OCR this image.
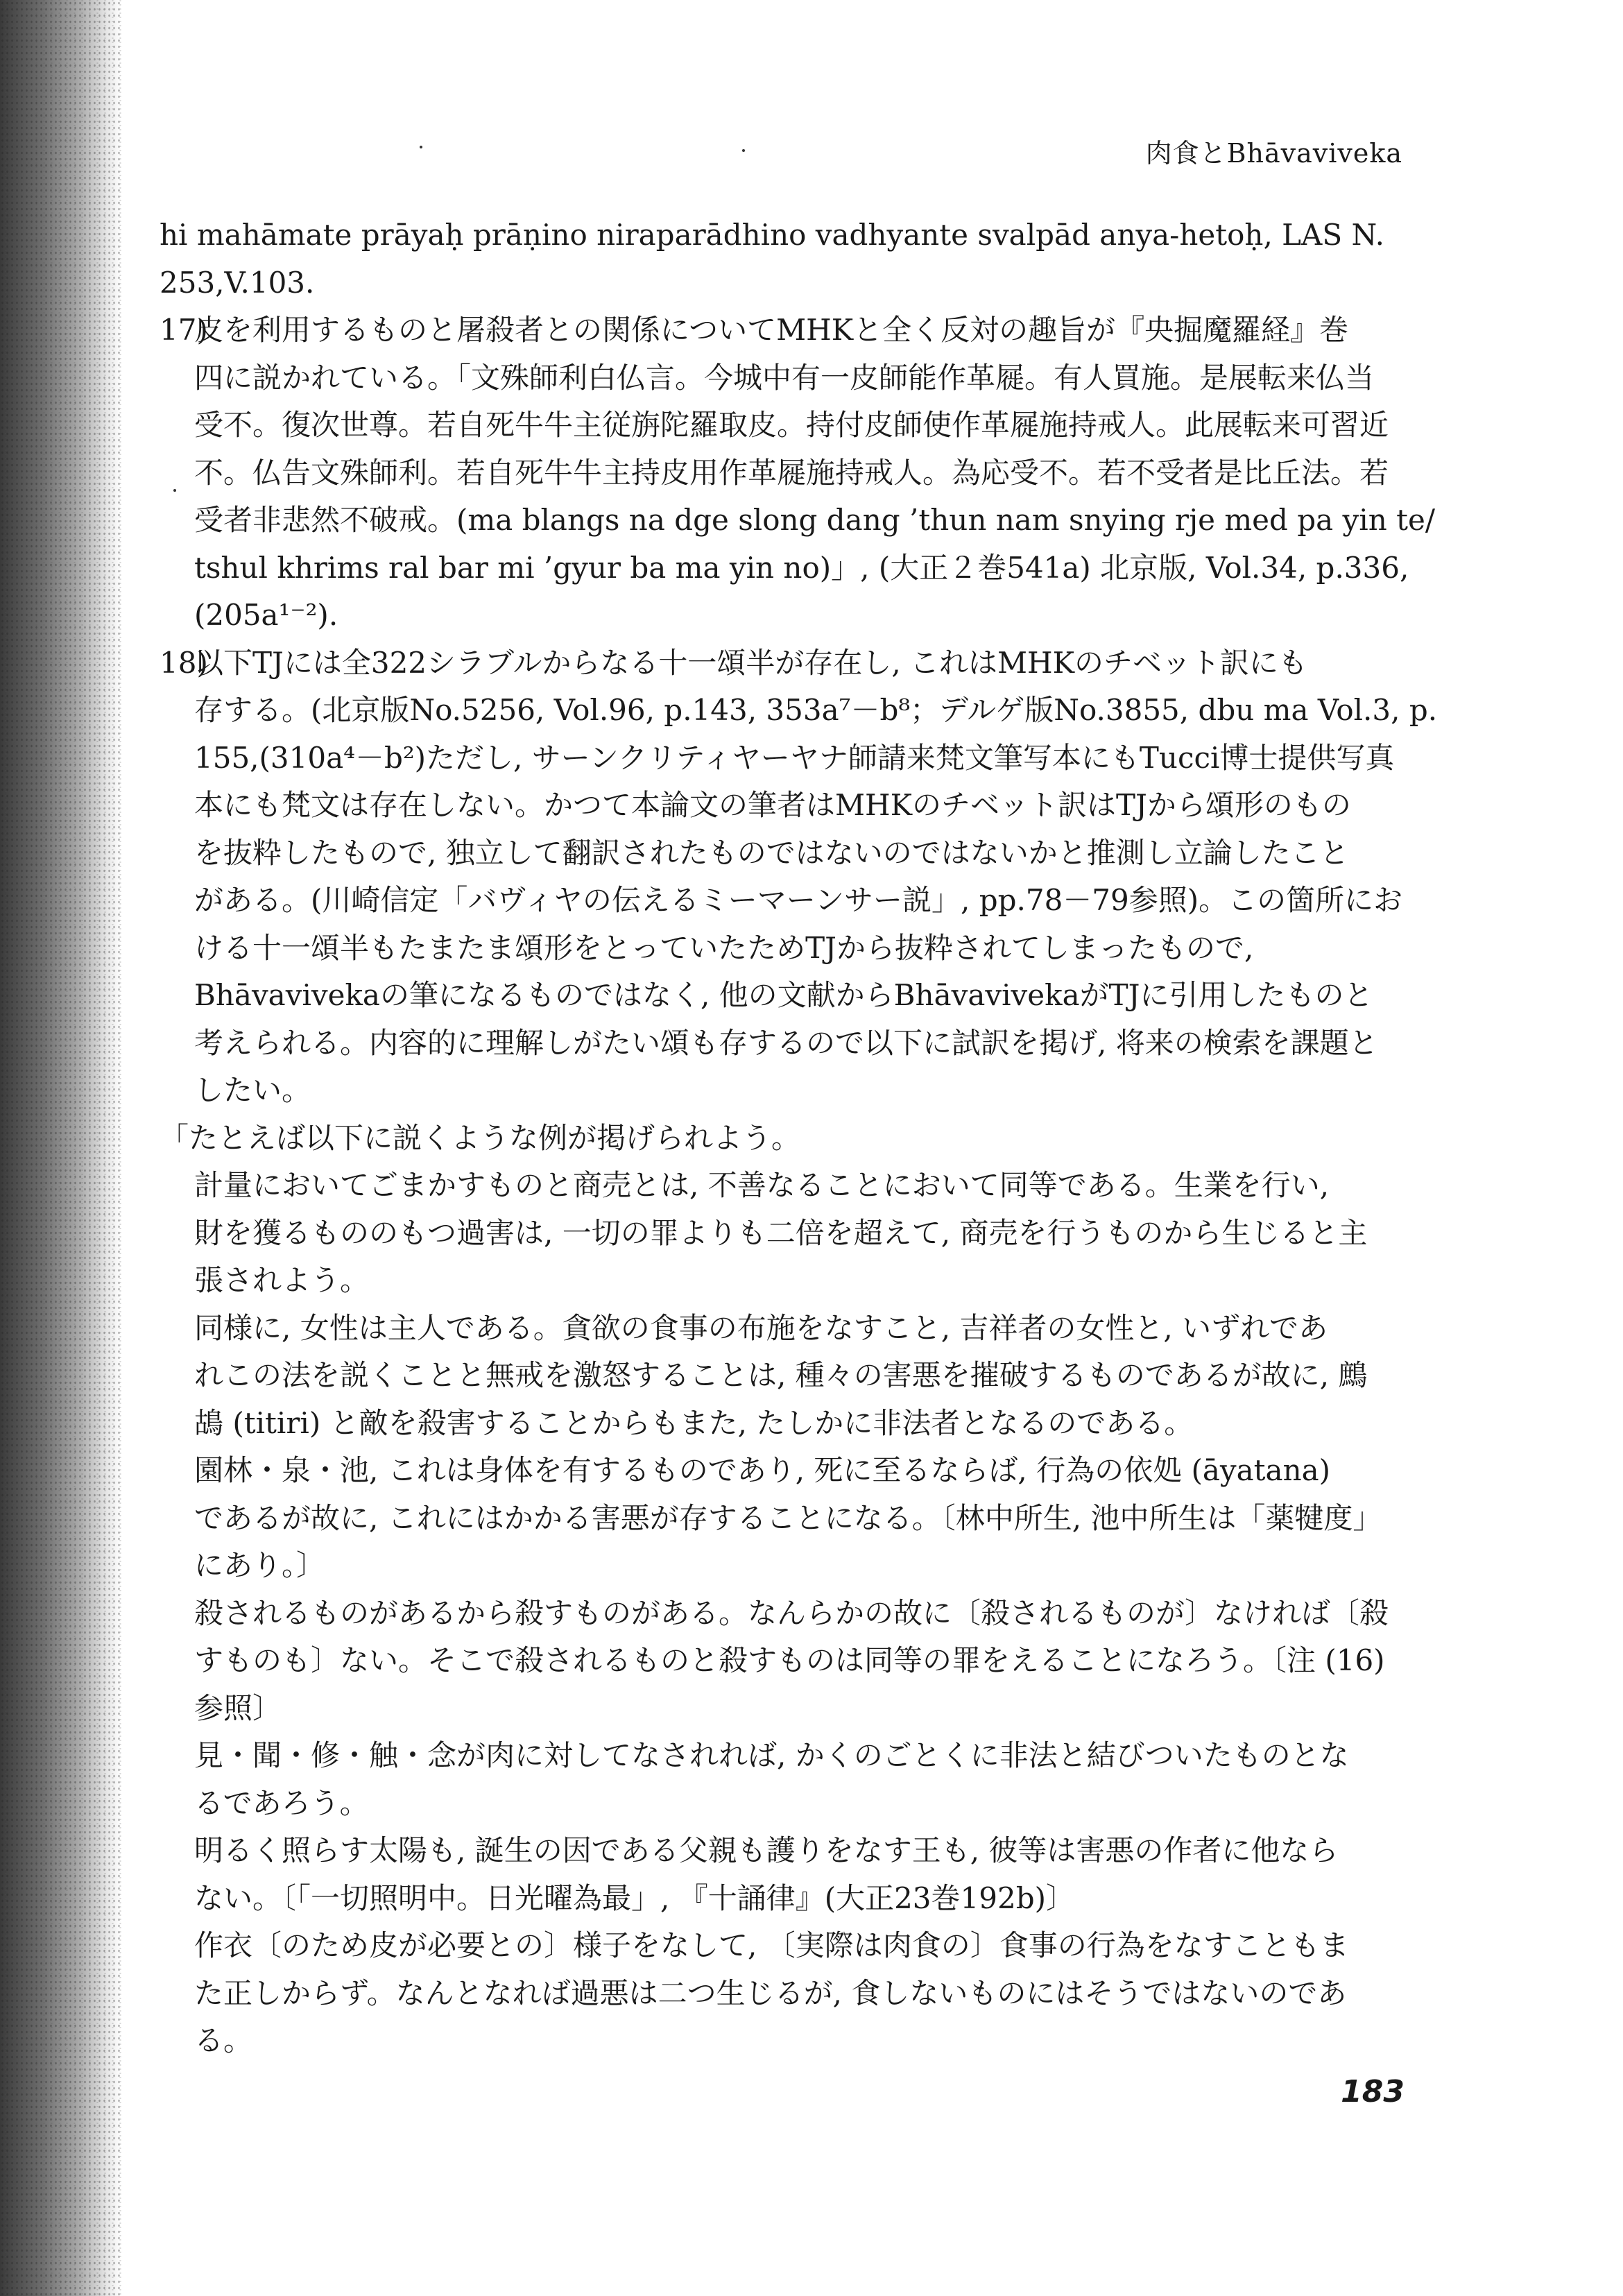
肉食とBhāvaviveka
hi mahāmate prāyaḥ prāṇino niraparādhino vadhyante svalpād anya-hetoḥ, LAS N.
253,V.103.
17)皮を利用するものと屠殺者との関係についてMHKと全く反対の趣旨が『央掘魔羅経』巻
四に説かれている。「文殊師利白仏言。今城中有一皮師能作革屣。有人買施。是展転来仏当
受不。復次世尊。若自死牛牛主従旃陀羅取皮。持付皮師使作革屣施持戒人。此展転来可習近
不。仏告文殊師利。若自死牛牛主持皮用作革屣施持戒人。為応受不。若不受者是比丘法。若
受者非悲然不破戒。(ma blangs na dge slong dang ’thun nam snying rje med pa yin te/
tshul khrims ral bar mi ’gyur ba ma yin no)」, (大正２巻541a) 北京版, Vol.34, p.336,
(205a¹⁻²).
18)以下TJには全322シラブルからなる十一頌半が存在し, これはMHKのチベット訳にも
存する。(北京版No.5256, Vol.96, p.143, 353a⁷－b⁸；デルゲ版No.3855, dbu ma Vol.3, p.
155,(310a⁴－b²)ただし, サーンクリティヤーヤナ師請来梵文筆写本にもTucci博士提供写真
本にも梵文は存在しない。かつて本論文の筆者はMHKのチベット訳はTJから頌形のもの
を抜粋したもので, 独立して翻訳されたものではないのではないかと推測し立論したこと
がある。(川崎信定「バヴィヤの伝えるミーマーンサー説」, pp.78－79参照)。この箇所にお
ける十一頌半もたまたま頌形をとっていたためTJから抜粋されてしまったもので,
Bhāvavivekaの筆になるものではなく, 他の文献からBhāvavivekaがTJに引用したものと
考えられる。内容的に理解しがたい頌も存するので以下に試訳を掲げ, 将来の検索を課題と
したい。
「たとえば以下に説くような例が掲げられよう。
計量においてごまかすものと商売とは, 不善なることにおいて同等である。生業を行い,
財を獲るもののもつ過害は, 一切の罪よりも二倍を超えて, 商売を行うものから生じると主
張されよう。
同様に, 女性は主人である。貪欲の食事の布施をなすこと, 吉祥者の女性と, いずれであ
れこの法を説くことと無戒を激怒することは, 種々の害悪を摧破するものであるが故に, 鷓
鴣 (titiri) と敵を殺害することからもまた, たしかに非法者となるのである。
園林・泉・池, これは身体を有するものであり, 死に至るならば, 行為の依処 (āyatana)
であるが故に, これにはかかる害悪が存することになる。〔林中所生, 池中所生は「薬犍度」
にあり。〕
殺されるものがあるから殺すものがある。なんらかの故に〔殺されるものが〕なければ〔殺
すものも〕ない。そこで殺されるものと殺すものは同等の罪をえることになろう。〔注 (16)
参照〕
見・聞・修・触・念が肉に対してなされれば, かくのごとくに非法と結びついたものとな
るであろう。
明るく照らす太陽も, 誕生の因である父親も護りをなす王も, 彼等は害悪の作者に他なら
ない。〔「一切照明中。日光曜為最」, 『十誦律』(大正23巻192b)〕
作衣〔のため皮が必要との〕様子をなして, 〔実際は肉食の〕食事の行為をなすこともま
た正しからず。なんとなれば過悪は二つ生じるが, 食しないものにはそうではないのであ
る。
183
